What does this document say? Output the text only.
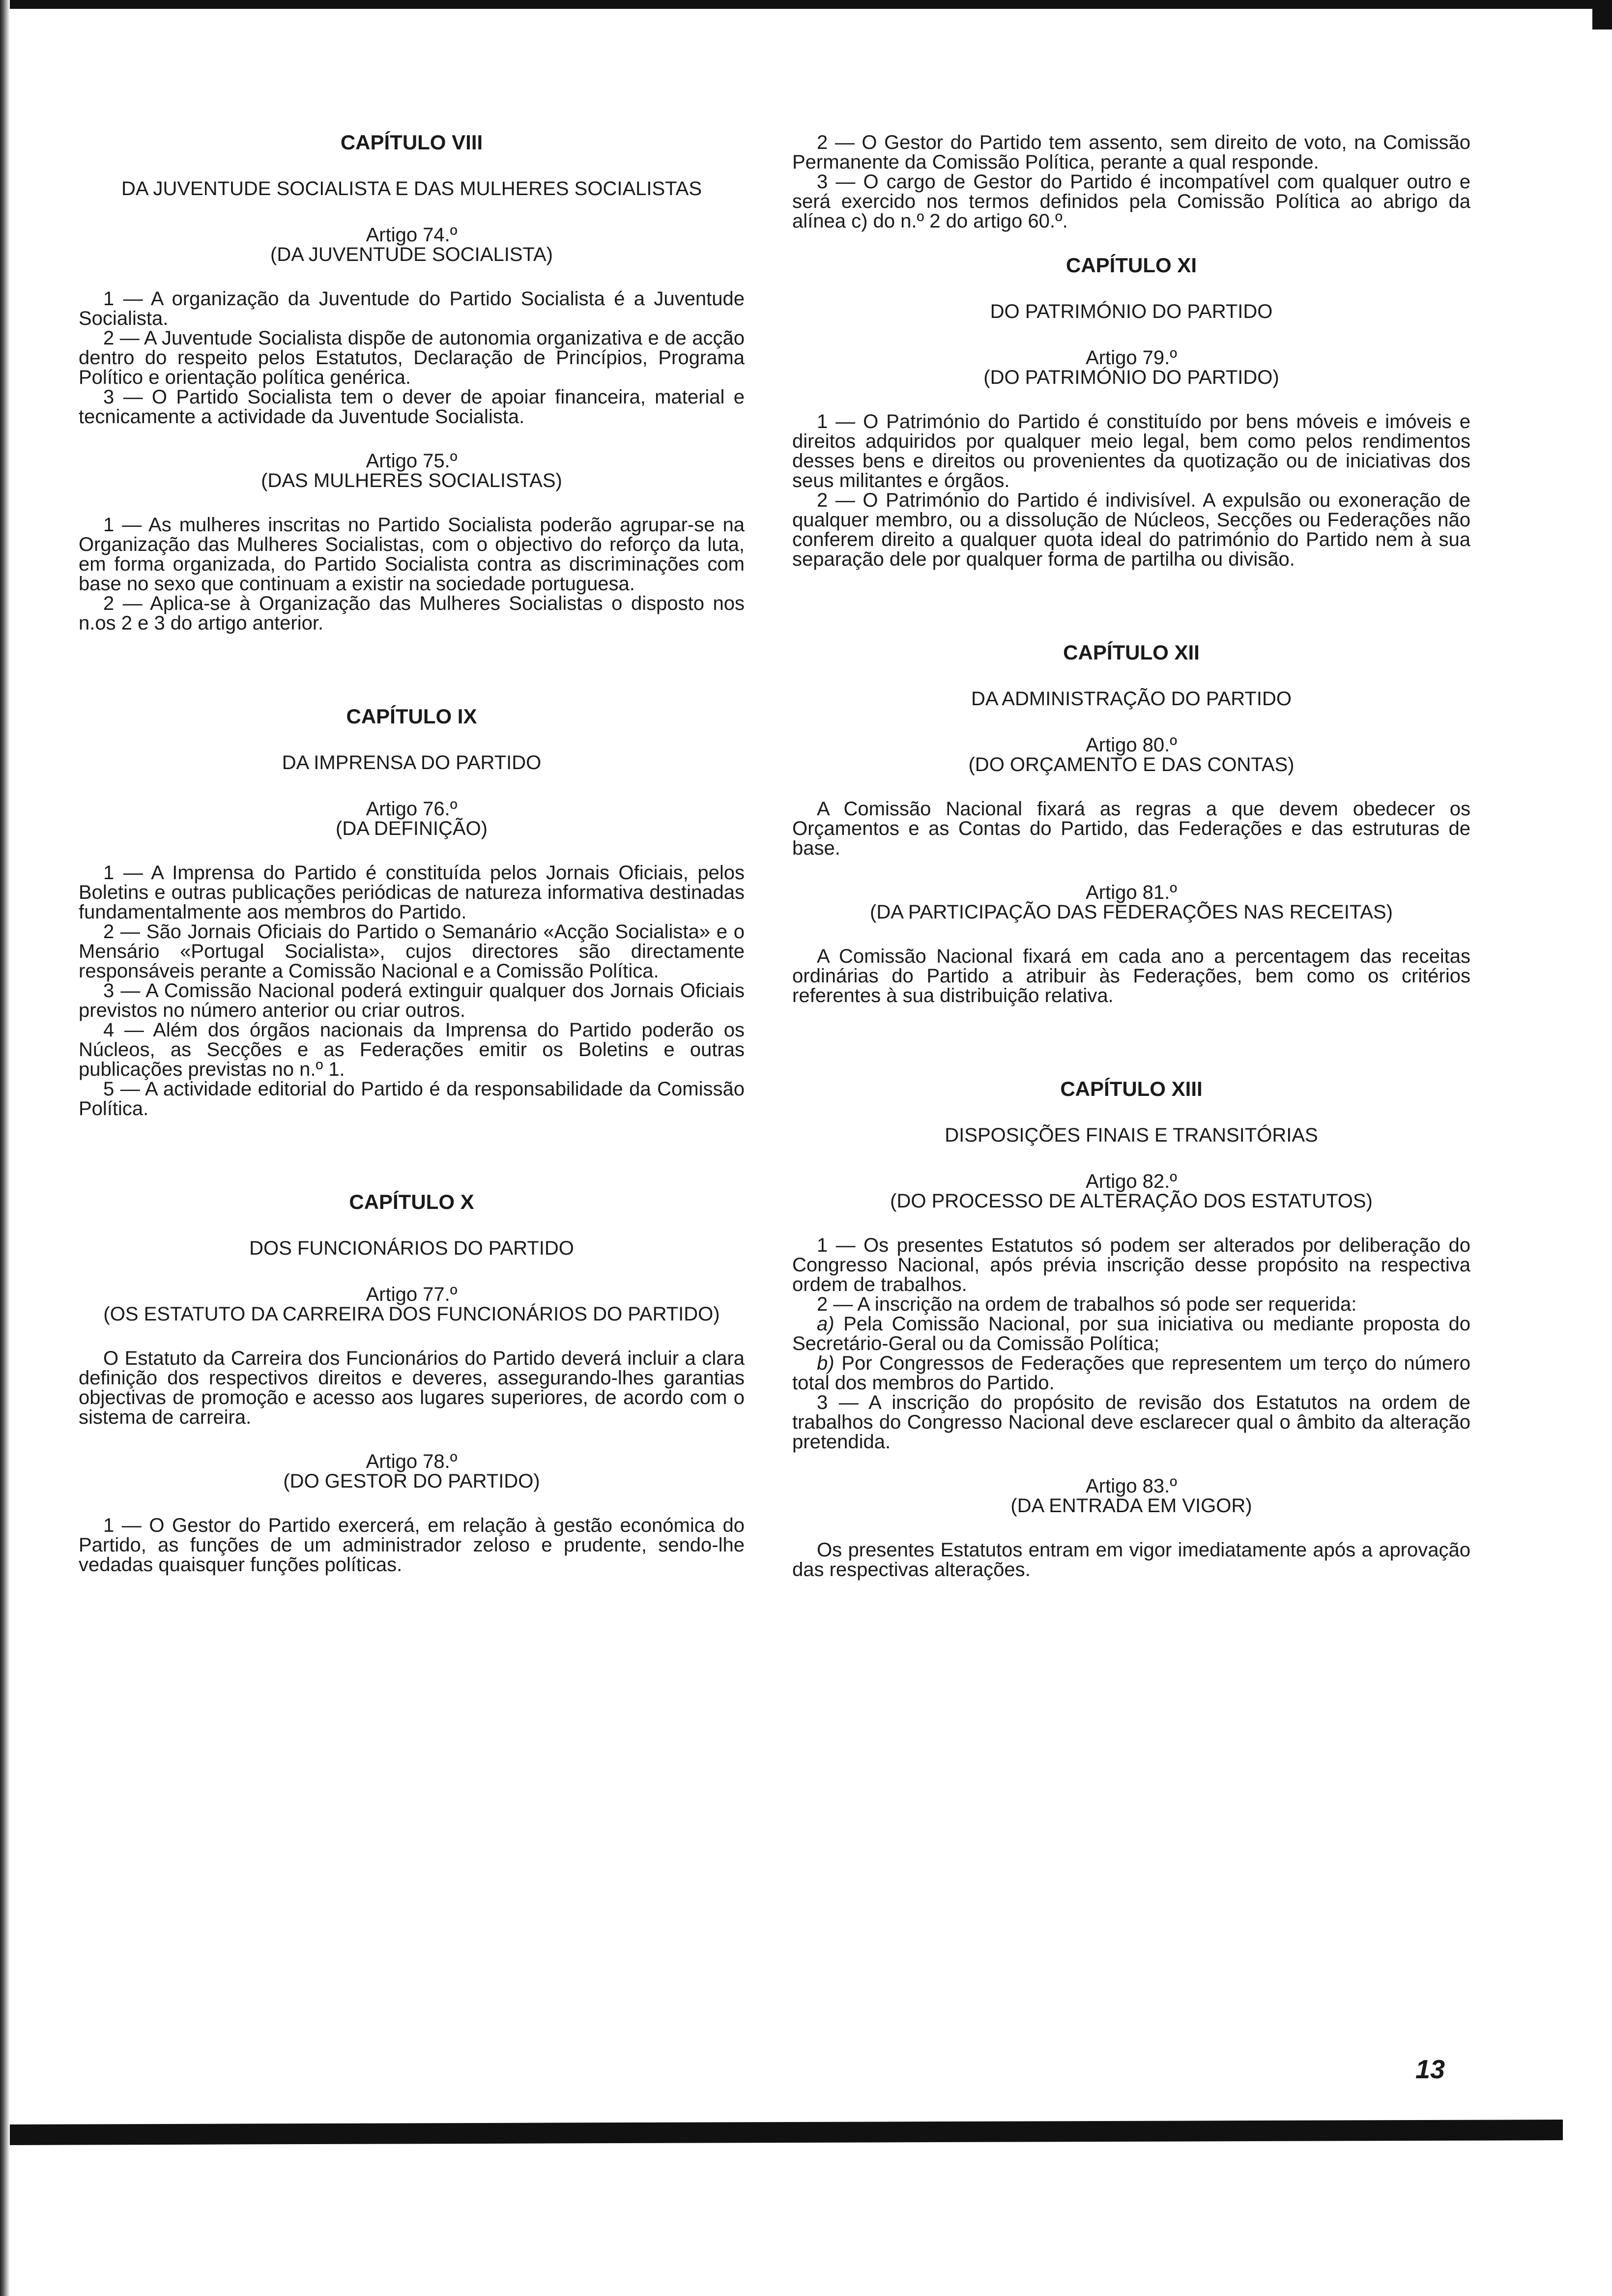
CAPÍTULO VIII

DA JUVENTUDE SOCIALISTA E DAS MULHERES SOCIALISTAS

Artigo 74.º

(DA JUVENTUDE SOCIALISTA)

1 — A organização da Juventude do Partido Socialista é a Juventude Socialista.

2 — A Juventude Socialista dispõe de autonomia organizativa e de acção dentro do respeito pelos Estatutos, Declaração de Princípios, Programa Político e orientação política genérica.

3 — O Partido Socialista tem o dever de apoiar financeira, material e tecnicamente a actividade da Juventude Socialista.

Artigo 75.º

(DAS MULHERES SOCIALISTAS)

1 — As mulheres inscritas no Partido Socialista poderão agrupar-se na Organização das Mulheres Socialistas, com o objectivo do reforço da luta, em forma organizada, do Partido Socialista contra as discriminações com base no sexo que continuam a existir na sociedade portuguesa.

2 — Aplica-se à Organização das Mulheres Socialistas o disposto nos n.os 2 e 3 do artigo anterior.

CAPÍTULO IX

DA IMPRENSA DO PARTIDO

Artigo 76.º

(DA DEFINIÇÃO)

1 — A Imprensa do Partido é constituída pelos Jornais Oficiais, pelos Boletins e outras publicações periódicas de natureza informativa destinadas fundamentalmente aos membros do Partido.

2 — São Jornais Oficiais do Partido o Semanário «Acção Socialista» e o Mensário «Portugal Socialista», cujos directores são directamente responsáveis perante a Comissão Nacional e a Comissão Política.

3 — A Comissão Nacional poderá extinguir qualquer dos Jornais Oficiais previstos no número anterior ou criar outros.

4 — Além dos órgãos nacionais da Imprensa do Partido poderão os Núcleos, as Secções e as Federações emitir os Boletins e outras publicações previstas no n.º 1.

5 — A actividade editorial do Partido é da responsabilidade da Comissão Política.

CAPÍTULO X

DOS FUNCIONÁRIOS DO PARTIDO

Artigo 77.º

(OS ESTATUTO DA CARREIRA DOS FUNCIONÁRIOS DO PARTIDO)

O Estatuto da Carreira dos Funcionários do Partido deverá incluir a clara definição dos respectivos direitos e deveres, assegurando-lhes garantias objectivas de promoção e acesso aos lugares superiores, de acordo com o sistema de carreira.

Artigo 78.º

(DO GESTOR DO PARTIDO)

1 — O Gestor do Partido exercerá, em relação à gestão económica do Partido, as funções de um administrador zeloso e prudente, sendo-lhe vedadas quaisquer funções políticas.

2 — O Gestor do Partido tem assento, sem direito de voto, na Comissão Permanente da Comissão Política, perante a qual responde.

3 — O cargo de Gestor do Partido é incompatível com qualquer outro e será exercido nos termos definidos pela Comissão Política ao abrigo da alínea c) do n.º 2 do artigo 60.º.

CAPÍTULO XI

DO PATRIMÓNIO DO PARTIDO

Artigo 79.º

(DO PATRIMÓNIO DO PARTIDO)

1 — O Património do Partido é constituído por bens móveis e imóveis e direitos adquiridos por qualquer meio legal, bem como pelos rendimentos desses bens e direitos ou provenientes da quotização ou de iniciativas dos seus militantes e órgãos.

2 — O Património do Partido é indivisível. A expulsão ou exoneração de qualquer membro, ou a dissolução de Núcleos, Secções ou Federações não conferem direito a qualquer quota ideal do património do Partido nem à sua separação dele por qualquer forma de partilha ou divisão.

CAPÍTULO XII

DA ADMINISTRAÇÃO DO PARTIDO

Artigo 80.º

(DO ORÇAMENTO E DAS CONTAS)

A Comissão Nacional fixará as regras a que devem obedecer os Orçamentos e as Contas do Partido, das Federações e das estruturas de base.

Artigo 81.º

(DA PARTICIPAÇÃO DAS FEDERAÇÕES NAS RECEITAS)

A Comissão Nacional fixará em cada ano a percentagem das receitas ordinárias do Partido a atribuir às Federações, bem como os critérios referentes à sua distribuição relativa.

CAPÍTULO XIII

DISPOSIÇÕES FINAIS E TRANSITÓRIAS

Artigo 82.º

(DO PROCESSO DE ALTERAÇÃO DOS ESTATUTOS)

1 — Os presentes Estatutos só podem ser alterados por deliberação do Congresso Nacional, após prévia inscrição desse propósito na respectiva ordem de trabalhos.

2 — A inscrição na ordem de trabalhos só pode ser requerida:

a) Pela Comissão Nacional, por sua iniciativa ou mediante proposta do Secretário-Geral ou da Comissão Política;

b) Por Congressos de Federações que representem um terço do número total dos membros do Partido.

3 — A inscrição do propósito de revisão dos Estatutos na ordem de trabalhos do Congresso Nacional deve esclarecer qual o âmbito da alteração pretendida.

Artigo 83.º

(DA ENTRADA EM VIGOR)

Os presentes Estatutos entram em vigor imediatamente após a aprovação das respectivas alterações.

13
